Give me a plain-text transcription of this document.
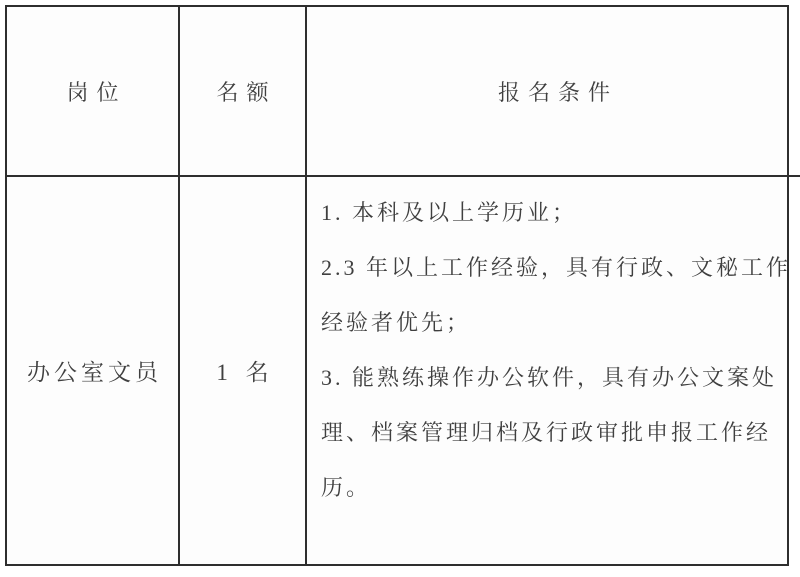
岗位	名额	报名条件
办公室文员 1 名
1. 本科及以上学历业；
2.3 年以上工作经验，具有行政、文秘工作
经验者优先；
3. 能熟练操作办公软件，具有办公文案处
理、档案管理归档及行政审批申报工作经
历。
